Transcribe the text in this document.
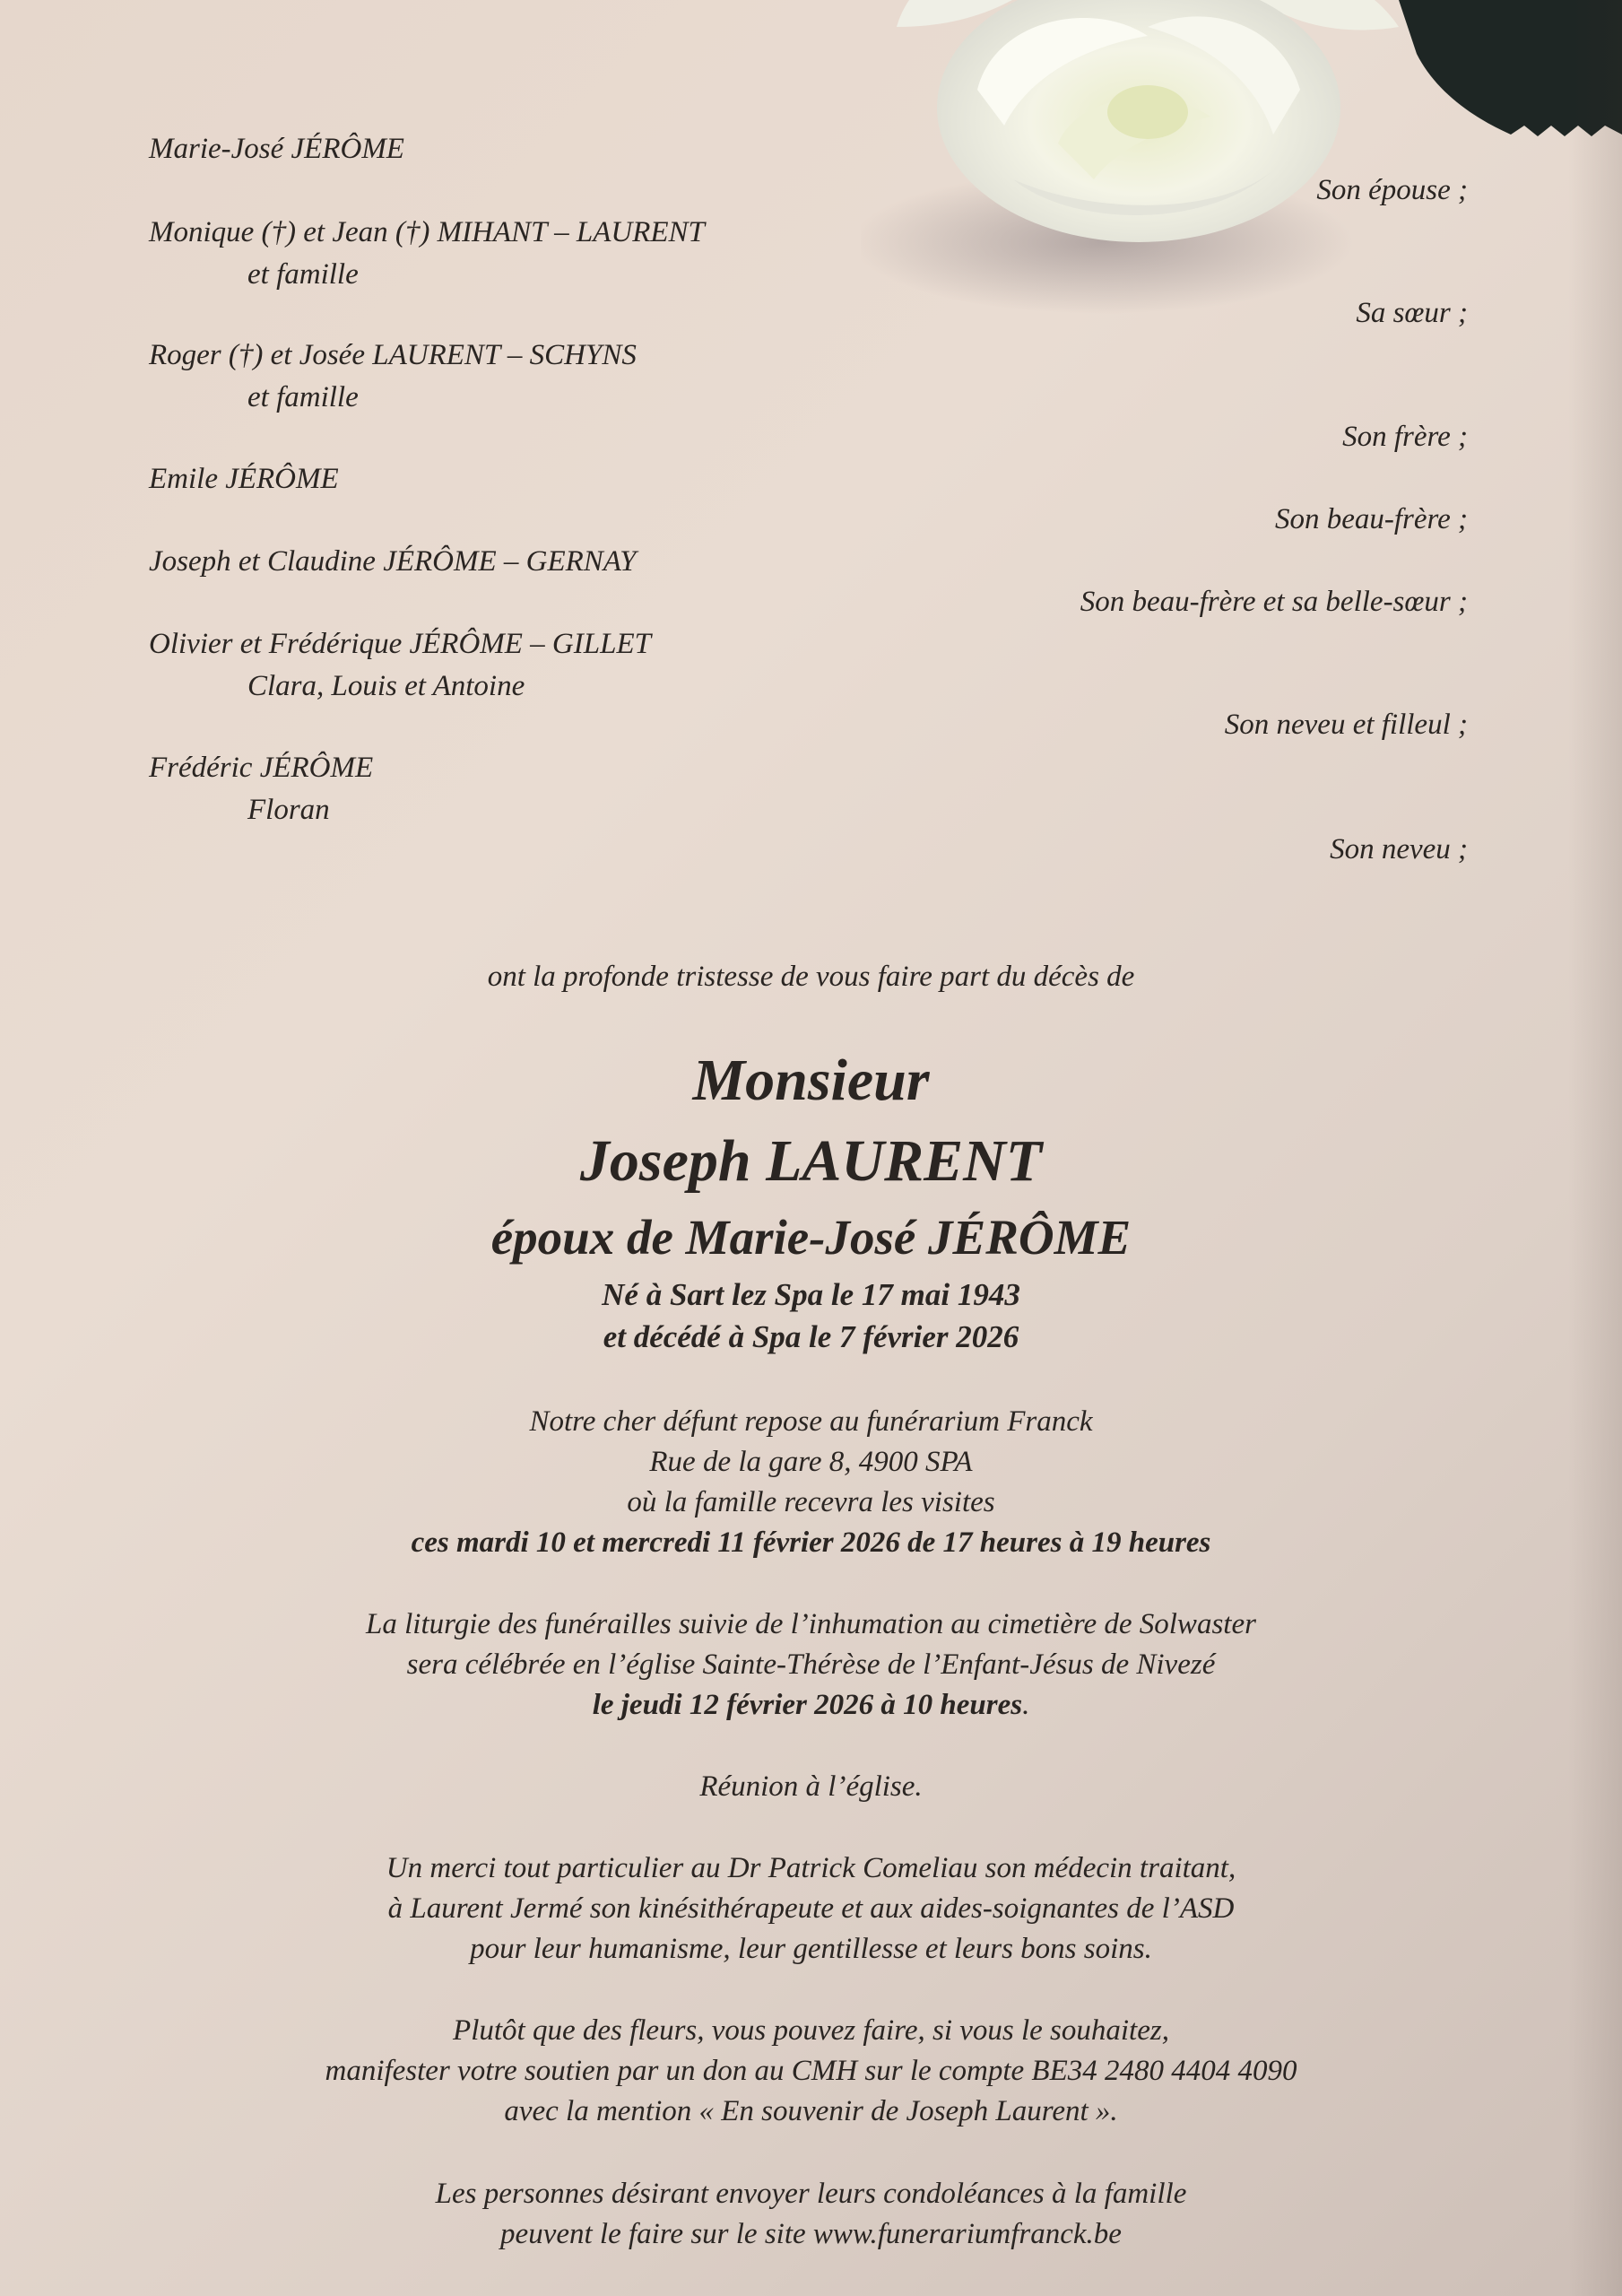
Marie-José JÉRÔME
Son épouse ;
Monique (†) et Jean (†) MIHANT – LAURENT
et famille
Sa sœur ;
Roger (†) et Josée LAURENT – SCHYNS
et famille
Son frère ;
Emile JÉRÔME
Son beau-frère ;
Joseph et Claudine JÉRÔME – GERNAY
Son beau-frère et sa belle-sœur ;
Olivier et Frédérique JÉRÔME – GILLET
Clara, Louis et Antoine
Son neveu et filleul ;
Frédéric JÉRÔME
Floran
Son neveu ;
ont la profonde tristesse de vous faire part du décès de
Monsieur
Joseph LAURENT
époux de Marie-José JÉRÔME
Né à Sart lez Spa le 17 mai 1943
et décédé à Spa le 7 février 2026
Notre cher défunt repose au funérarium Franck
Rue de la gare 8, 4900 SPA
où la famille recevra les visites
ces mardi 10 et mercredi 11 février 2026 de 17 heures à 19 heures
La liturgie des funérailles suivie de l’inhumation au cimetière de Solwaster
sera célébrée en l’église Sainte-Thérèse de l’Enfant-Jésus de Nivezé
le jeudi 12 février 2026 à 10 heures.
Réunion à l’église.
Un merci tout particulier au Dr Patrick Comeliau son médecin traitant,
à Laurent Jermé son kinésithérapeute et aux aides-soignantes de l’ASD
pour leur humanisme, leur gentillesse et leurs bons soins.
Plutôt que des fleurs, vous pouvez faire, si vous le souhaitez,
manifester votre soutien par un don au CMH sur le compte BE34 2480 4404 4090
avec la mention « En souvenir de Joseph Laurent ».
Les personnes désirant envoyer leurs condoléances à la famille
peuvent le faire sur le site www.funerariumfranck.be
